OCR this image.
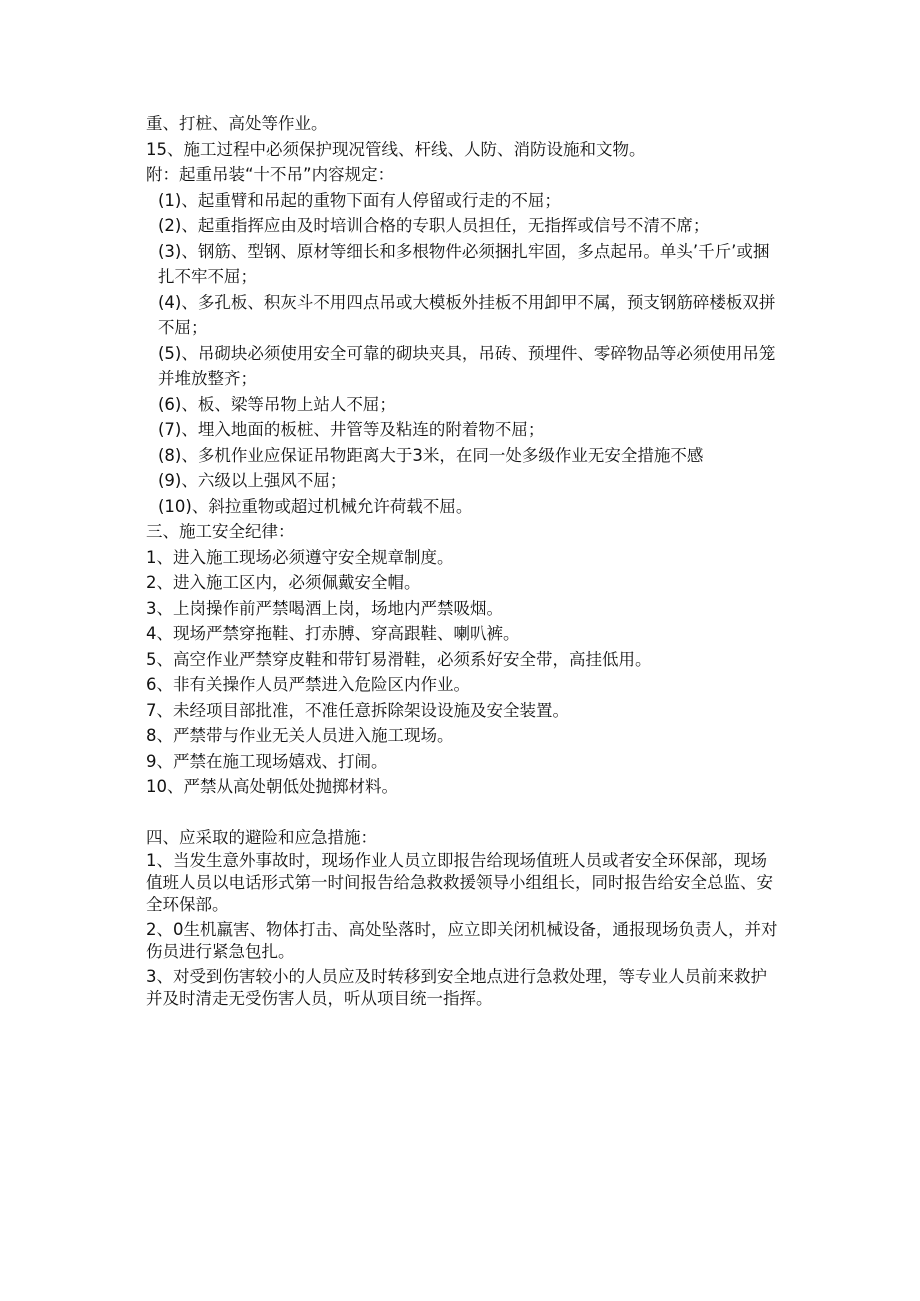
重、打桩、高处等作业。
15、施工过程中必须保护现况管线、杆线、人防、消防设施和文物。
附：起重吊装“十不吊”内容规定：
(1)、起重臂和吊起的重物下面有人停留或行走的不屈；
(2)、起重指挥应由及时培训合格的专职人员担任，无指挥或信号不清不席；
(3)、钢筋、型钢、原材等细长和多根物件必须捆扎牢固，多点起吊。单头’千斤’或捆扎不牢不屈；
(4)、多孔板、积灰斗不用四点吊或大模板外挂板不用卸甲不属，预支钢筋碎楼板双拼不屈；
(5)、吊砌块必须使用安全可靠的砌块夹具，吊砖、预埋件、零碎物品等必须使用吊笼并堆放整齐；
(6)、板、梁等吊物上站人不屈；
(7)、埋入地面的板桩、井管等及粘连的附着物不屈；
(8)、多机作业应保证吊物距离大于3米，在同一处多级作业无安全措施不感
(9)、六级以上强风不屈；
(10)、斜拉重物或超过机械允许荷载不屈。
三、施工安全纪律：
1、进入施工现场必须遵守安全规章制度。
2、进入施工区内，必须佩戴安全帽。
3、上岗操作前严禁喝酒上岗，场地内严禁吸烟。
4、现场严禁穿拖鞋、打赤膊、穿高跟鞋、喇叭裤。
5、高空作业严禁穿皮鞋和带钉易滑鞋，必须系好安全带，高挂低用。
6、非有关操作人员严禁进入危险区内作业。
7、未经项目部批准，不准任意拆除架设设施及安全装置。
8、严禁带与作业无关人员进入施工现场。
9、严禁在施工现场嬉戏、打闹。
10、严禁从高处朝低处抛掷材料。
四、应采取的避险和应急措施：
1、当发生意外事故时，现场作业人员立即报告给现场值班人员或者安全环保部，现场值班人员以电话形式第一时间报告给急救救援领导小组组长，同时报告给安全总监、安全环保部。
2、0生机羸害、物体打击、高处坠落时，应立即关闭机械设备，通报现场负责人，并对伤员进行紧急包扎。
3、对受到伤害较小的人员应及时转移到安全地点进行急救处理，等专业人员前来救护并及时清走无受伤害人员，听从项目统一指挥。
